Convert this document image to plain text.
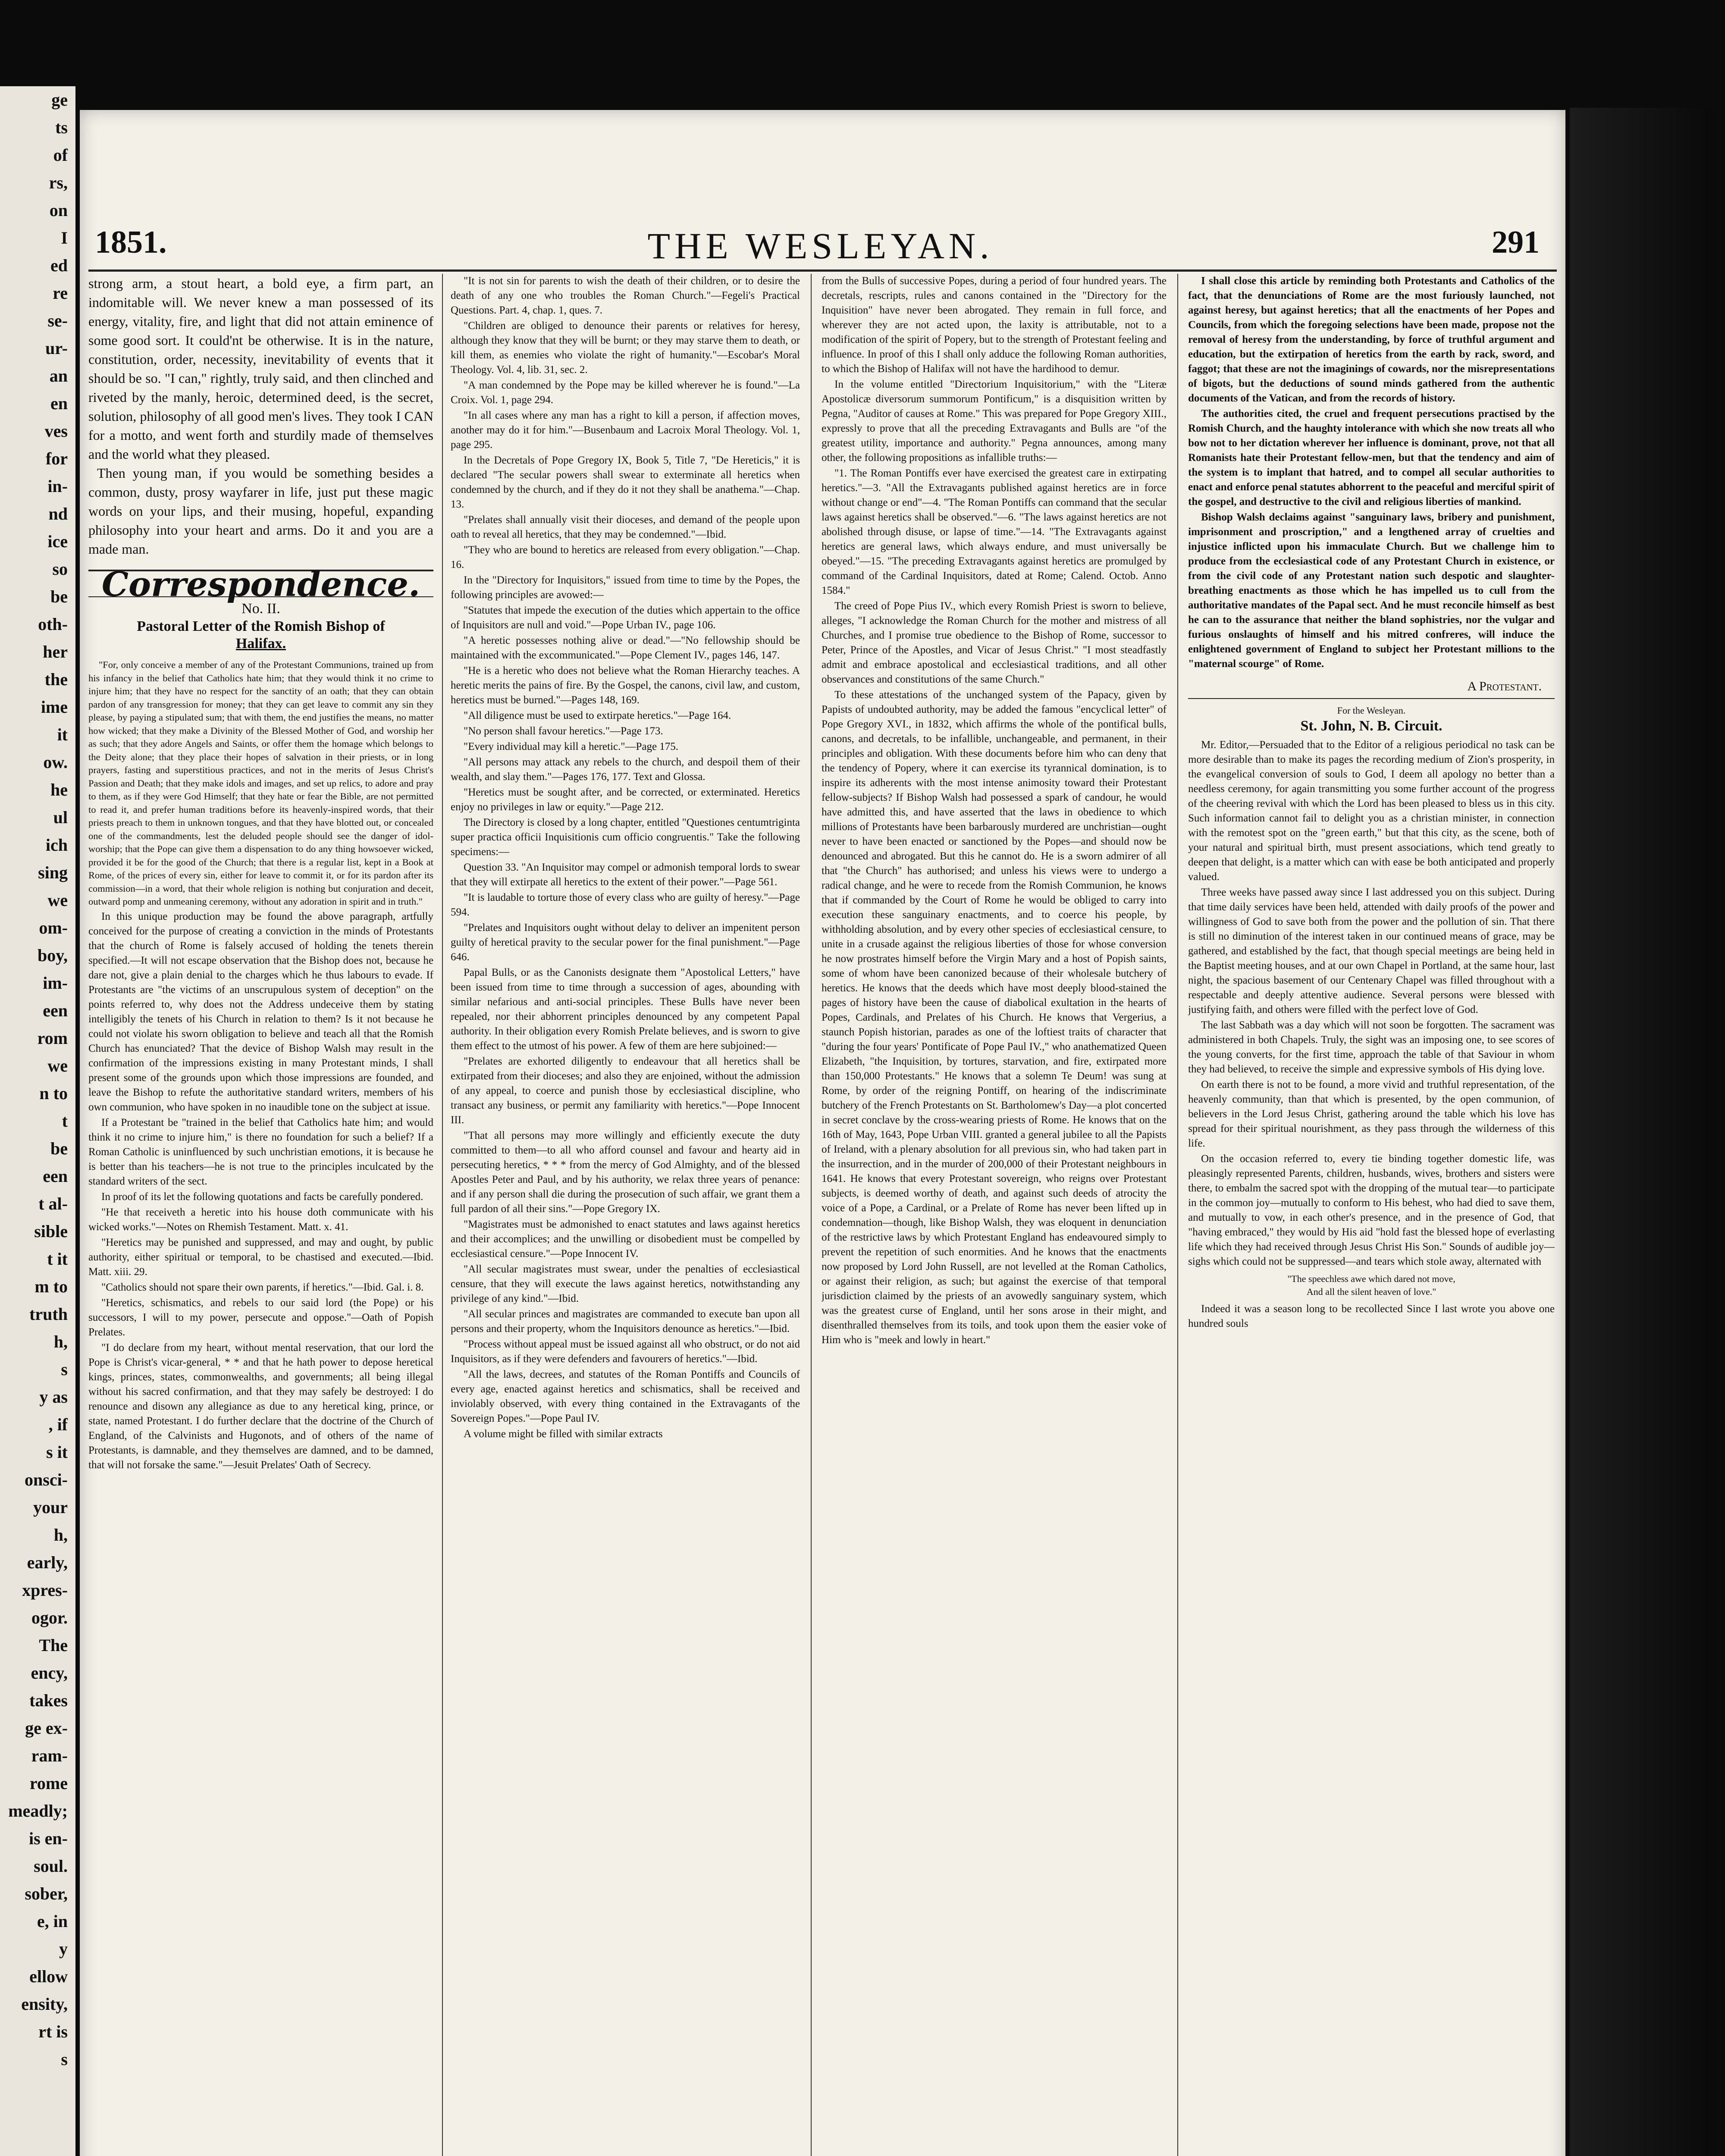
ge
ts
of
rs,
on
I
ed
re
se-
ur-
an
en
ves
for
in-
nd
ice
so
be
oth-
her
the
ime
it
ow.
he
ul
ich
sing
we
om-
boy,
im-
een
rom
we
n to
t
be
een
t al-
sible
t it
m to
truth
h,
s
y as
, if
s it
onsci-
your
h,
early,
xpres-
ogor.
The
ency,
takes
ge ex-
ram-
rome
meadly;
is en-
soul.
sober,
e, in
y
ellow
ensity,
rt is
s
1851.	THE WESLEYAN.	291

strong arm, a stout heart, a bold eye, a firm part, an indomitable will. We never knew a man possessed of its energy, vitality, fire, and light that did not attain eminence of some good sort. It could'nt be otherwise. It is in the nature, constitution, order, necessity, inevitability of events that it should be so. "I can," rightly, truly said, and then clinched and riveted by the manly, heroic, determined deed, is the secret, solution, philosophy of all good men's lives. They took I CAN for a motto, and went forth and sturdily made of themselves and the world what they pleased.

Then young man, if you would be something besides a common, dusty, prosy wayfarer in life, just put these magic words on your lips, and their musing, hopeful, expanding philosophy into your heart and arms. Do it and you are a made man.

Correspondence.
No. II.
Pastoral Letter of the Romish Bishop of
Halifax.

"For, only conceive a member of any of the Protestant Communions, trained up from his infancy in the belief that Catholics hate him; that they would think it no crime to injure him; that they have no respect for the sanctity of an oath; that they can obtain pardon of any transgression for money; that they can get leave to commit any sin they please, by paying a stipulated sum; that with them, the end justifies the means, no matter how wicked; that they make a Divinity of the Blessed Mother of God, and worship her as such; that they adore Angels and Saints, or offer them the homage which belongs to the Deity alone; that they place their hopes of salvation in their priests, or in long prayers, fasting and superstitious practices, and not in the merits of Jesus Christ's Passion and Death; that they make idols and images, and set up relics, to adore and pray to them, as if they were God Himself; that they hate or fear the Bible, are not permitted to read it, and prefer human traditions before its heavenly-inspired words, that their priests preach to them in unknown tongues, and that they have blotted out, or concealed one of the commandments, lest the deluded people should see the danger of idol-worship; that the Pope can give them a dispensation to do any thing howsoever wicked, provided it be for the good of the Church; that there is a regular list, kept in a Book at Rome, of the prices of every sin, either for leave to commit it, or for its pardon after its commission—in a word, that their whole religion is nothing but conjuration and deceit, outward pomp and unmeaning ceremony, without any adoration in spirit and in truth."

In this unique production may be found the above paragraph, artfully conceived for the purpose of creating a conviction in the minds of Protestants that the church of Rome is falsely accused of holding the tenets therein specified.—It will not escape observation that the Bishop does not, because he dare not, give a plain denial to the charges which he thus labours to evade. If Protestants are "the victims of an unscrupulous system of deception" on the points referred to, why does not the Address undeceive them by stating intelligibly the tenets of his Church in relation to them? Is it not because he could not violate his sworn obligation to believe and teach all that the Romish Church has enunciated? That the device of Bishop Walsh may result in the confirmation of the impressions existing in many Protestant minds, I shall present some of the grounds upon which those impressions are founded, and leave the Bishop to refute the authoritative standard writers, members of his own communion, who have spoken in no inaudible tone on the subject at issue.

If a Protestant be "trained in the belief that Catholics hate him; and would think it no crime to injure him," is there no foundation for such a belief? If a Roman Catholic is uninfluenced by such unchristian emotions, it is because he is better than his teachers—he is not true to the principles inculcated by the standard writers of the sect.

In proof of its let the following quotations and facts be carefully pondered.

"He that receiveth a heretic into his house doth communicate with his wicked works."—Notes on Rhemish Testament. Matt. x. 41.

"Heretics may be punished and suppressed, and may and ought, by public authority, either spiritual or temporal, to be chastised and executed.—Ibid. Matt. xiii. 29.

"Catholics should not spare their own parents, if heretics."—Ibid. Gal. i. 8.

"Heretics, schismatics, and rebels to our said lord (the Pope) or his successors, I will to my power, persecute and oppose."—Oath of Popish Prelates.

"I do declare from my heart, without mental reservation, that our lord the Pope is Christ's vicar-general, * * and that he hath power to depose heretical kings, princes, states, commonwealths, and governments; all being illegal without his sacred confirmation, and that they may safely be destroyed: I do renounce and disown any allegiance as due to any heretical king, prince, or state, named Protestant. I do further declare that the doctrine of the Church of England, of the Calvinists and Hugonots, and of others of the name of Protestants, is damnable, and they themselves are damned, and to be damned, that will not forsake the same."—Jesuit Prelates' Oath of Secrecy.

"It is not sin for parents to wish the death of their children, or to desire the death of any one who troubles the Roman Church."—Fegeli's Practical Questions. Part. 4, chap. 1, ques. 7.

"Children are obliged to denounce their parents or relatives for heresy, although they know that they will be burnt; or they may starve them to death, or kill them, as enemies who violate the right of humanity."—Escobar's Moral Theology. Vol. 4, lib. 31, sec. 2.

"A man condemned by the Pope may be killed wherever he is found."—La Croix. Vol. 1, page 294.

"In all cases where any man has a right to kill a person, if affection moves, another may do it for him."—Busenbaum and Lacroix Moral Theology. Vol. 1, page 295.

In the Decretals of Pope Gregory IX, Book 5, Title 7, "De Hereticis," it is declared "The secular powers shall swear to exterminate all heretics when condemned by the church, and if they do it not they shall be anathema."—Chap. 13.

"Prelates shall annually visit their dioceses, and demand of the people upon oath to reveal all heretics, that they may be condemned."—Ibid.

"They who are bound to heretics are released from every obligation."—Chap. 16.

In the "Directory for Inquisitors," issued from time to time by the Popes, the following principles are avowed:—

"Statutes that impede the execution of the duties which appertain to the office of Inquisitors are null and void."—Pope Urban IV., page 106.

"A heretic possesses nothing alive or dead."—"No fellowship should be maintained with the excommunicated."—Pope Clement IV., pages 146, 147.

"He is a heretic who does not believe what the Roman Hierarchy teaches. A heretic merits the pains of fire. By the Gospel, the canons, civil law, and custom, heretics must be burned."—Pages 148, 169.

"All diligence must be used to extirpate heretics."—Page 164.

"No person shall favour heretics."—Page 173.

"Every individual may kill a heretic."—Page 175.

"All persons may attack any rebels to the church, and despoil them of their wealth, and slay them."—Pages 176, 177. Text and Glossa.

"Heretics must be sought after, and be corrected, or exterminated. Heretics enjoy no privileges in law or equity."—Page 212.

The Directory is closed by a long chapter, entitled "Questiones centumtriginta super practica officii Inquisitionis cum officio congruentis." Take the following specimens:—

Question 33. "An Inquisitor may compel or admonish temporal lords to swear that they will extirpate all heretics to the extent of their power."—Page 561.

"It is laudable to torture those of every class who are guilty of heresy."—Page 594.

"Prelates and Inquisitors ought without delay to deliver an impenitent person guilty of heretical pravity to the secular power for the final punishment."—Page 646.

Papal Bulls, or as the Canonists designate them "Apostolical Letters," have been issued from time to time through a succession of ages, abounding with similar nefarious and anti-social principles. These Bulls have never been repealed, nor their abhorrent principles denounced by any competent Papal authority. In their obligation every Romish Prelate believes, and is sworn to give them effect to the utmost of his power. A few of them are here subjoined:—

"Prelates are exhorted diligently to endeavour that all heretics shall be extirpated from their dioceses; and also they are enjoined, without the admission of any appeal, to coerce and punish those by ecclesiastical discipline, who transact any business, or permit any familiarity with heretics."—Pope Innocent III.

"That all persons may more willingly and efficiently execute the duty committed to them—to all who afford counsel and favour and hearty aid in persecuting heretics, * * * from the mercy of God Almighty, and of the blessed Apostles Peter and Paul, and by his authority, we relax three years of penance: and if any person shall die during the prosecution of such affair, we grant them a full pardon of all their sins."—Pope Gregory IX.

"Magistrates must be admonished to enact statutes and laws against heretics and their accomplices; and the unwilling or disobedient must be compelled by ecclesiastical censure."—Pope Innocent IV.

"All secular magistrates must swear, under the penalties of ecclesiastical censure, that they will execute the laws against heretics, notwithstanding any privilege of any kind."—Ibid.

"All secular princes and magistrates are commanded to execute ban upon all persons and their property, whom the Inquisitors denounce as heretics."—Ibid.

"Process without appeal must be issued against all who obstruct, or do not aid Inquisitors, as if they were defenders and favourers of heretics."—Ibid.

"All the laws, decrees, and statutes of the Roman Pontiffs and Councils of every age, enacted against heretics and schismatics, shall be received and inviolably observed, with every thing contained in the Extravagants of the Sovereign Popes."—Pope Paul IV.

A volume might be filled with similar extracts

from the Bulls of successive Popes, during a period of four hundred years. The decretals, rescripts, rules and canons contained in the "Directory for the Inquisition" have never been abrogated. They remain in full force, and wherever they are not acted upon, the laxity is attributable, not to a modification of the spirit of Popery, but to the strength of Protestant feeling and influence. In proof of this I shall only adduce the following Roman authorities, to which the Bishop of Halifax will not have the hardihood to demur.

In the volume entitled "Directorium Inquisitorium," with the "Literæ Apostolicæ diversorum summorum Pontificum," is a disquisition written by Pegna, "Auditor of causes at Rome." This was prepared for Pope Gregory XIII., expressly to prove that all the preceding Extravagants and Bulls are "of the greatest utility, importance and authority." Pegna announces, among many other, the following propositions as infallible truths:—

"1. The Roman Pontiffs ever have exercised the greatest care in extirpating heretics."—3. "All the Extravagants published against heretics are in force without change or end"—4. "The Roman Pontiffs can command that the secular laws against heretics shall be observed."—6. "The laws against heretics are not abolished through disuse, or lapse of time."—14. "The Extravagants against heretics are general laws, which always endure, and must universally be obeyed."—15. "The preceding Extravagants against heretics are promulged by command of the Cardinal Inquisitors, dated at Rome; Calend. Octob. Anno 1584."

The creed of Pope Pius IV., which every Romish Priest is sworn to believe, alleges, "I acknowledge the Roman Church for the mother and mistress of all Churches, and I promise true obedience to the Bishop of Rome, successor to Peter, Prince of the Apostles, and Vicar of Jesus Christ." "I most steadfastly admit and embrace apostolical and ecclesiastical traditions, and all other observances and constitutions of the same Church."

To these attestations of the unchanged system of the Papacy, given by Papists of undoubted authority, may be added the famous "encyclical letter" of Pope Gregory XVI., in 1832, which affirms the whole of the pontifical bulls, canons, and decretals, to be infallible, unchangeable, and permanent, in their principles and obligation. With these documents before him who can deny that the tendency of Popery, where it can exercise its tyrannical domination, is to inspire its adherents with the most intense animosity toward their Protestant fellow-subjects? If Bishop Walsh had possessed a spark of candour, he would have admitted this, and have asserted that the laws in obedience to which millions of Protestants have been barbarously murdered are unchristian—ought never to have been enacted or sanctioned by the Popes—and should now be denounced and abrogated. But this he cannot do. He is a sworn admirer of all that "the Church" has authorised; and unless his views were to undergo a radical change, and he were to recede from the Romish Communion, he knows that if commanded by the Court of Rome he would be obliged to carry into execution these sanguinary enactments, and to coerce his people, by withholding absolution, and by every other species of ecclesiastical censure, to unite in a crusade against the religious liberties of those for whose conversion he now prostrates himself before the Virgin Mary and a host of Popish saints, some of whom have been canonized because of their wholesale butchery of heretics. He knows that the deeds which have most deeply blood-stained the pages of history have been the cause of diabolical exultation in the hearts of Popes, Cardinals, and Prelates of his Church. He knows that Vergerius, a staunch Popish historian, parades as one of the loftiest traits of character that "during the four years' Pontificate of Pope Paul IV.," who anathematized Queen Elizabeth, "the Inquisition, by tortures, starvation, and fire, extirpated more than 150,000 Protestants." He knows that a solemn Te Deum! was sung at Rome, by order of the reigning Pontiff, on hearing of the indiscriminate butchery of the French Protestants on St. Bartholomew's Day—a plot concerted in secret conclave by the cross-wearing priests of Rome. He knows that on the 16th of May, 1643, Pope Urban VIII. granted a general jubilee to all the Papists of Ireland, with a plenary absolution for all previous sin, who had taken part in the insurrection, and in the murder of 200,000 of their Protestant neighbours in 1641. He knows that every Protestant sovereign, who reigns over Protestant subjects, is deemed worthy of death, and against such deeds of atrocity the voice of a Pope, a Cardinal, or a Prelate of Rome has never been lifted up in condemnation—though, like Bishop Walsh, they was eloquent in denunciation of the restrictive laws by which Protestant England has endeavoured simply to prevent the repetition of such enormities. And he knows that the enactments now proposed by Lord John Russell, are not levelled at the Roman Catholics, or against their religion, as such; but against the exercise of that temporal jurisdiction claimed by the priests of an avowedly sanguinary system, which was the greatest curse of England, until her sons arose in their might, and disenthralled themselves from its toils, and took upon them the easier voke of Him who is "meek and lowly in heart."

I shall close this article by reminding both Protestants and Catholics of the fact, that the denunciations of Rome are the most furiously launched, not against heresy, but against heretics; that all the enactments of her Popes and Councils, from which the foregoing selections have been made, propose not the removal of heresy from the understanding, by force of truthful argument and education, but the extirpation of heretics from the earth by rack, sword, and faggot; that these are not the imaginings of cowards, nor the misrepresentations of bigots, but the deductions of sound minds gathered from the authentic documents of the Vatican, and from the records of history.

The authorities cited, the cruel and frequent persecutions practised by the Romish Church, and the haughty intolerance with which she now treats all who bow not to her dictation wherever her influence is dominant, prove, not that all Romanists hate their Protestant fellow-men, but that the tendency and aim of the system is to implant that hatred, and to compel all secular authorities to enact and enforce penal statutes abhorrent to the peaceful and merciful spirit of the gospel, and destructive to the civil and religious liberties of mankind.

Bishop Walsh declaims against "sanguinary laws, bribery and punishment, imprisonment and proscription," and a lengthened array of cruelties and injustice inflicted upon his immaculate Church. But we challenge him to produce from the ecclesiastical code of any Protestant Church in existence, or from the civil code of any Protestant nation such despotic and slaughter-breathing enactments as those which he has impelled us to cull from the authoritative mandates of the Papal sect. And he must reconcile himself as best he can to the assurance that neither the bland sophistries, nor the vulgar and furious onslaughts of himself and his mitred confreres, will induce the enlightened government of England to subject her Protestant millions to the "maternal scourge" of Rome.

A Protestant.
For the Wesleyan.
St. John, N. B. Circuit.

Mr. Editor,—Persuaded that to the Editor of a religious periodical no task can be more desirable than to make its pages the recording medium of Zion's prosperity, in the evangelical conversion of souls to God, I deem all apology no better than a needless ceremony, for again transmitting you some further account of the progress of the cheering revival with which the Lord has been pleased to bless us in this city. Such information cannot fail to delight you as a christian minister, in connection with the remotest spot on the "green earth," but that this city, as the scene, both of your natural and spiritual birth, must present associations, which tend greatly to deepen that delight, is a matter which can with ease be both anticipated and properly valued.

Three weeks have passed away since I last addressed you on this subject. During that time daily services have been held, attended with daily proofs of the power and willingness of God to save both from the power and the pollution of sin. That there is still no diminution of the interest taken in our continued means of grace, may be gathered, and established by the fact, that though special meetings are being held in the Baptist meeting houses, and at our own Chapel in Portland, at the same hour, last night, the spacious basement of our Centenary Chapel was filled throughout with a respectable and deeply attentive audience. Several persons were blessed with justifying faith, and others were filled with the perfect love of God.

The last Sabbath was a day which will not soon be forgotten. The sacrament was administered in both Chapels. Truly, the sight was an imposing one, to see scores of the young converts, for the first time, approach the table of that Saviour in whom they had believed, to receive the simple and expressive symbols of His dying love.

On earth there is not to be found, a more vivid and truthful representation, of the heavenly community, than that which is presented, by the open communion, of believers in the Lord Jesus Christ, gathering around the table which his love has spread for their spiritual nourishment, as they pass through the wilderness of this life.

On the occasion referred to, every tie binding together domestic life, was pleasingly represented Parents, children, husbands, wives, brothers and sisters were there, to embalm the sacred spot with the dropping of the mutual tear—to participate in the common joy—mutually to conform to His behest, who had died to save them, and mutually to vow, in each other's presence, and in the presence of God, that "having embraced," they would by His aid "hold fast the blessed hope of everlasting life which they had received through Jesus Christ His Son." Sounds of audible joy—sighs which could not be suppressed—and tears which stole away, alternated with

"The speechless awe which dared not move,
And all the silent heaven of love."

Indeed it was a season long to be recollected Since I last wrote you above one hundred souls
